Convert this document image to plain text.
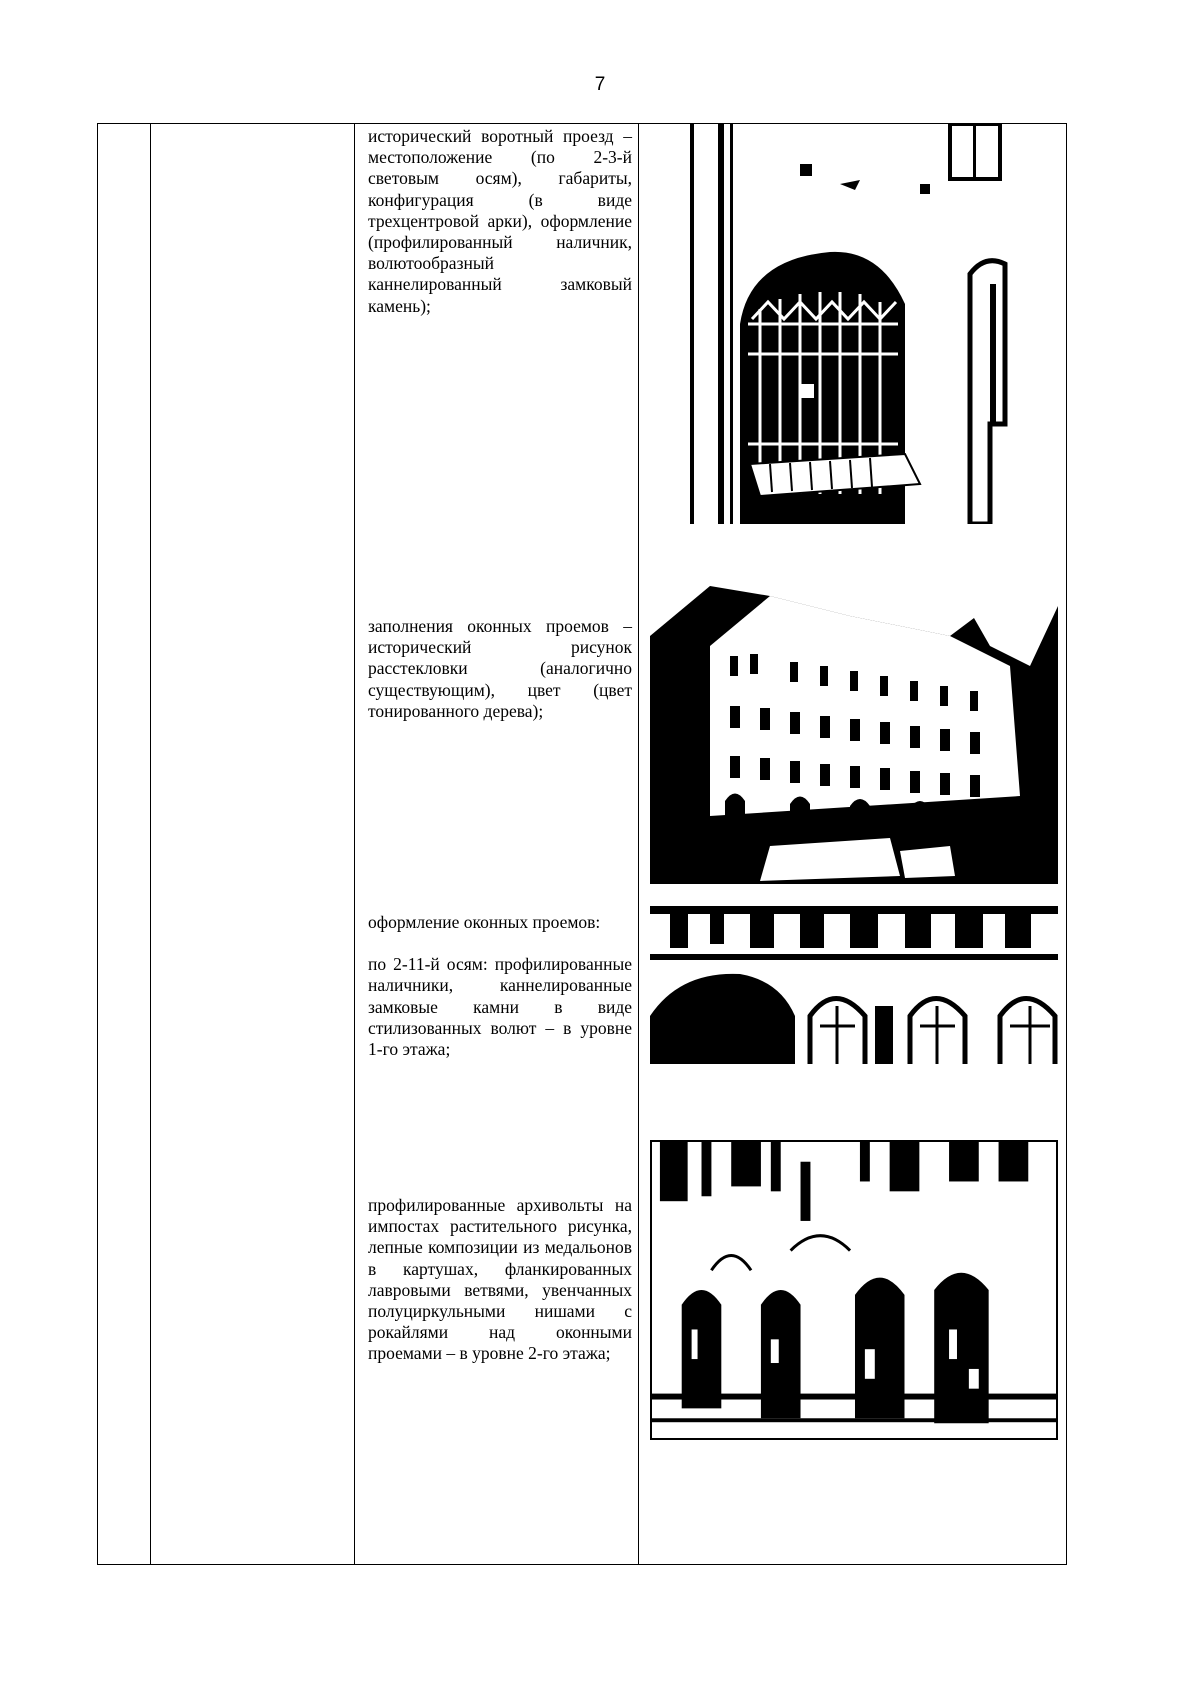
7

исторический воротный проезд – местоположение (по 2-3-й световым осям), габариты, конфигурация (в виде трехцентровой арки), оформление (профилированный наличник, волютообразный каннелированный замковый камень);

заполнения оконных проемов – исторический рисунок расстекловки (аналогично существующим), цвет (цвет тонированного дерева);

оформление оконных проемов:

по 2-11-й осям: профилированные наличники, каннелированные замковые камни в виде стилизованных волют – в уровне 1-го этажа;

профилированные архивольты на импостах растительного рисунка, лепные композиции из медальонов в картушах, фланкированных лавровыми ветвями, увенчанных полуциркульными нишами с рокайлями над оконными проемами – в уровне 2-го этажа;
